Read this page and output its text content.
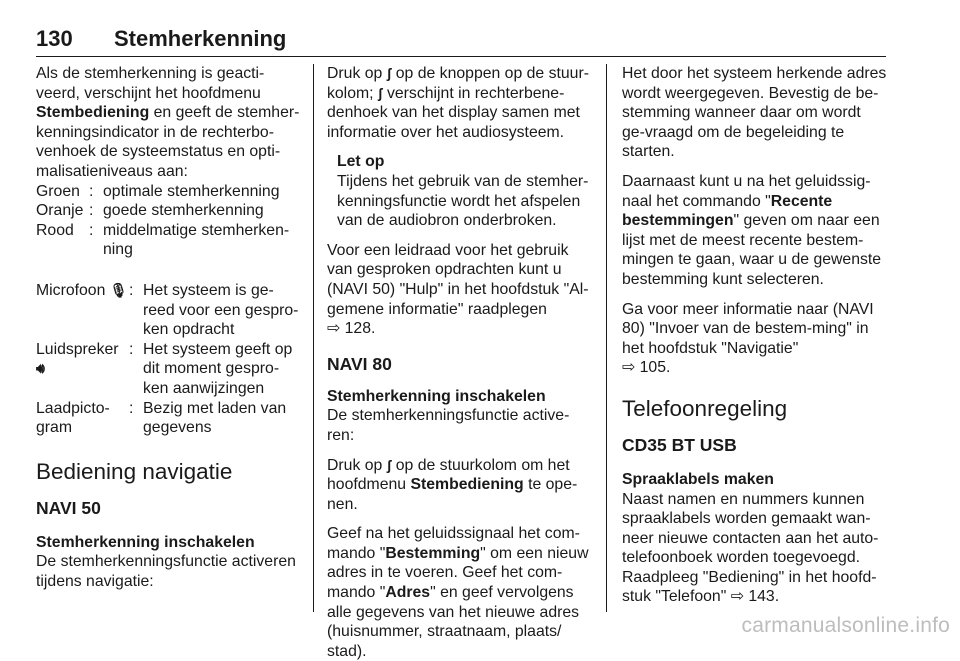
130 Stemherkenning

Als de stemherkenning is geacti-veerd, verschijnt het hoofdmenu Stembediening en geeft de stemher-kenningsindicator in de rechterbo-venhoek de systeemstatus en opti-malisatieniveaus aan:

Groen : optimale stemherkenning
Oranje : goede stemherkenning
Rood : middelmatige stemherken-ning
Microfoon 🎙︎ : Het systeem is ge-reed voor een gespro-ken opdracht
Luidspreker
🔊︎
: Het systeem geeft op dit moment gespro-ken aanwijzingen
Laadpicto-gram
: Bezig met laden van gegevens

Bediening navigatie

NAVI 50

Stemherkenning inschakelen

De stemherkenningsfunctie activeren tijdens navigatie:

Druk op ʃ op de knoppen op de stuur-kolom; ʃ verschijnt in rechterbene-denhoek van het display samen met informatie over het audiosysteem.

Let op

Tijdens het gebruik van de stemher-kenningsfunctie wordt het afspelen van de audiobron onderbroken.

Voor een leidraad voor het gebruik van gesproken opdrachten kunt u (NAVI 50) "Hulp" in het hoofdstuk "Al-gemene informatie" raadplegen
⇨ 128.

NAVI 80

Stemherkenning inschakelen

De stemherkenningsfunctie active-ren:

Druk op ʃ op de stuurkolom om het hoofdmenu Stembediening te ope-nen.

Geef na het geluidssignaal het com-mando "Bestemming" om een nieuw adres in te voeren. Geef het com-mando "Adres" en geef vervolgens alle gegevens van het nieuwe adres (huisnummer, straatnaam, plaats/ stad).

Het door het systeem herkende adres wordt weergegeven. Bevestig de be-stemming wanneer daar om wordt ge-vraagd om de begeleiding te starten.

Daarnaast kunt u na het geluidssig-naal het commando "Recente bestemmingen" geven om naar een lijst met de meest recente bestem-mingen te gaan, waar u de gewenste bestemming kunt selecteren.

Ga voor meer informatie naar (NAVI 80) "Invoer van de bestem-ming" in het hoofdstuk "Navigatie"
⇨ 105.

Telefoonregeling

CD35 BT USB

Spraaklabels maken

Naast namen en nummers kunnen spraaklabels worden gemaakt wan-neer nieuwe contacten aan het auto-telefoonboek worden toegevoegd. Raadpleeg "Bediening" in het hoofd-stuk "Telefoon" ⇨ 143.

carmanualsonline.info
